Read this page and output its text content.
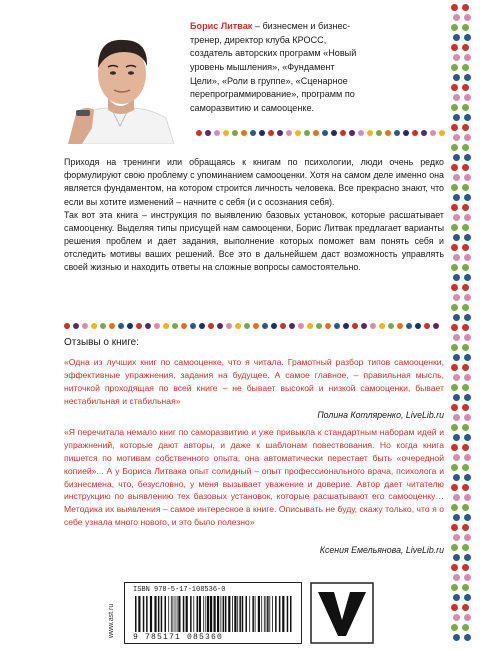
Борис Литвак – бизнесмен и бизнес-
тренер, директор клуба КРОСС,
создатель авторских программ «Новый
уровень мышления», «Фундамент
Цели», «Роли в группе», «Сценарное
перепрограммирование», программ по
саморазвитию и самооценке.

Приходя на тренинги или обращаясь к книгам по психологии, люди очень редко формулируют свою проблему с упоминанием самооценки. Хотя на самом деле именно она является фундаментом, на котором строится личность человека. Все прекрасно знают, что если вы хотите изменений – начните с себя (и с осознания себя).

Так вот эта книга – инструкция по выявлению базовых установок, которые расшатывает самооценку. Выделяя типы присущей нам самооценки, Борис Литвак предлагает варианты решения проблем и дает задания, выполнение которых поможет вам понять себя и отследить мотивы ваших решений. Все это в дальнейшем даст возможность управлять своей жизнью и находить ответы на сложные вопросы самостоятельно.

Отзывы о книге:
«Одна из лучших книг по самооценке, что я читала. Грамотный разбор типов самооценки, эффективные упражнения, задания на будущее. А самое главное, – правильная мысль, ниточкой проходящая по всей книге – не бывает высокой и низкой самооценки, бывает нестабильная и стабильная»
Полина Котляренко, LiveLib.ru
«Я перечитала немало книг по саморазвитию и уже привыкла к стандартным наборам идей и упражнений, которые дают авторы, и даже к шаблонам повествования. Но когда книга пишется по мотивам собственного опыта, она автоматически перестает быть «очередной копией»... А у Бориса Литвака опыт солидный – опыт профессионального врача, психолога и бизнесмена, что, безусловно, у меня вызывает уважение и доверие. Автор дает читателю инструкцию по выявлению тех базовых установок, которые расшатывают его самооценку… Методика их выявления – самое интересное в книге. Описывать не буду, скажу только, что я о себе узнала много нового, и это было полезно»
Ксения Емельянова, LiveLib.ru
www.ast.ru
ISBN 978-5-17-108536-0
9 785171 085360
